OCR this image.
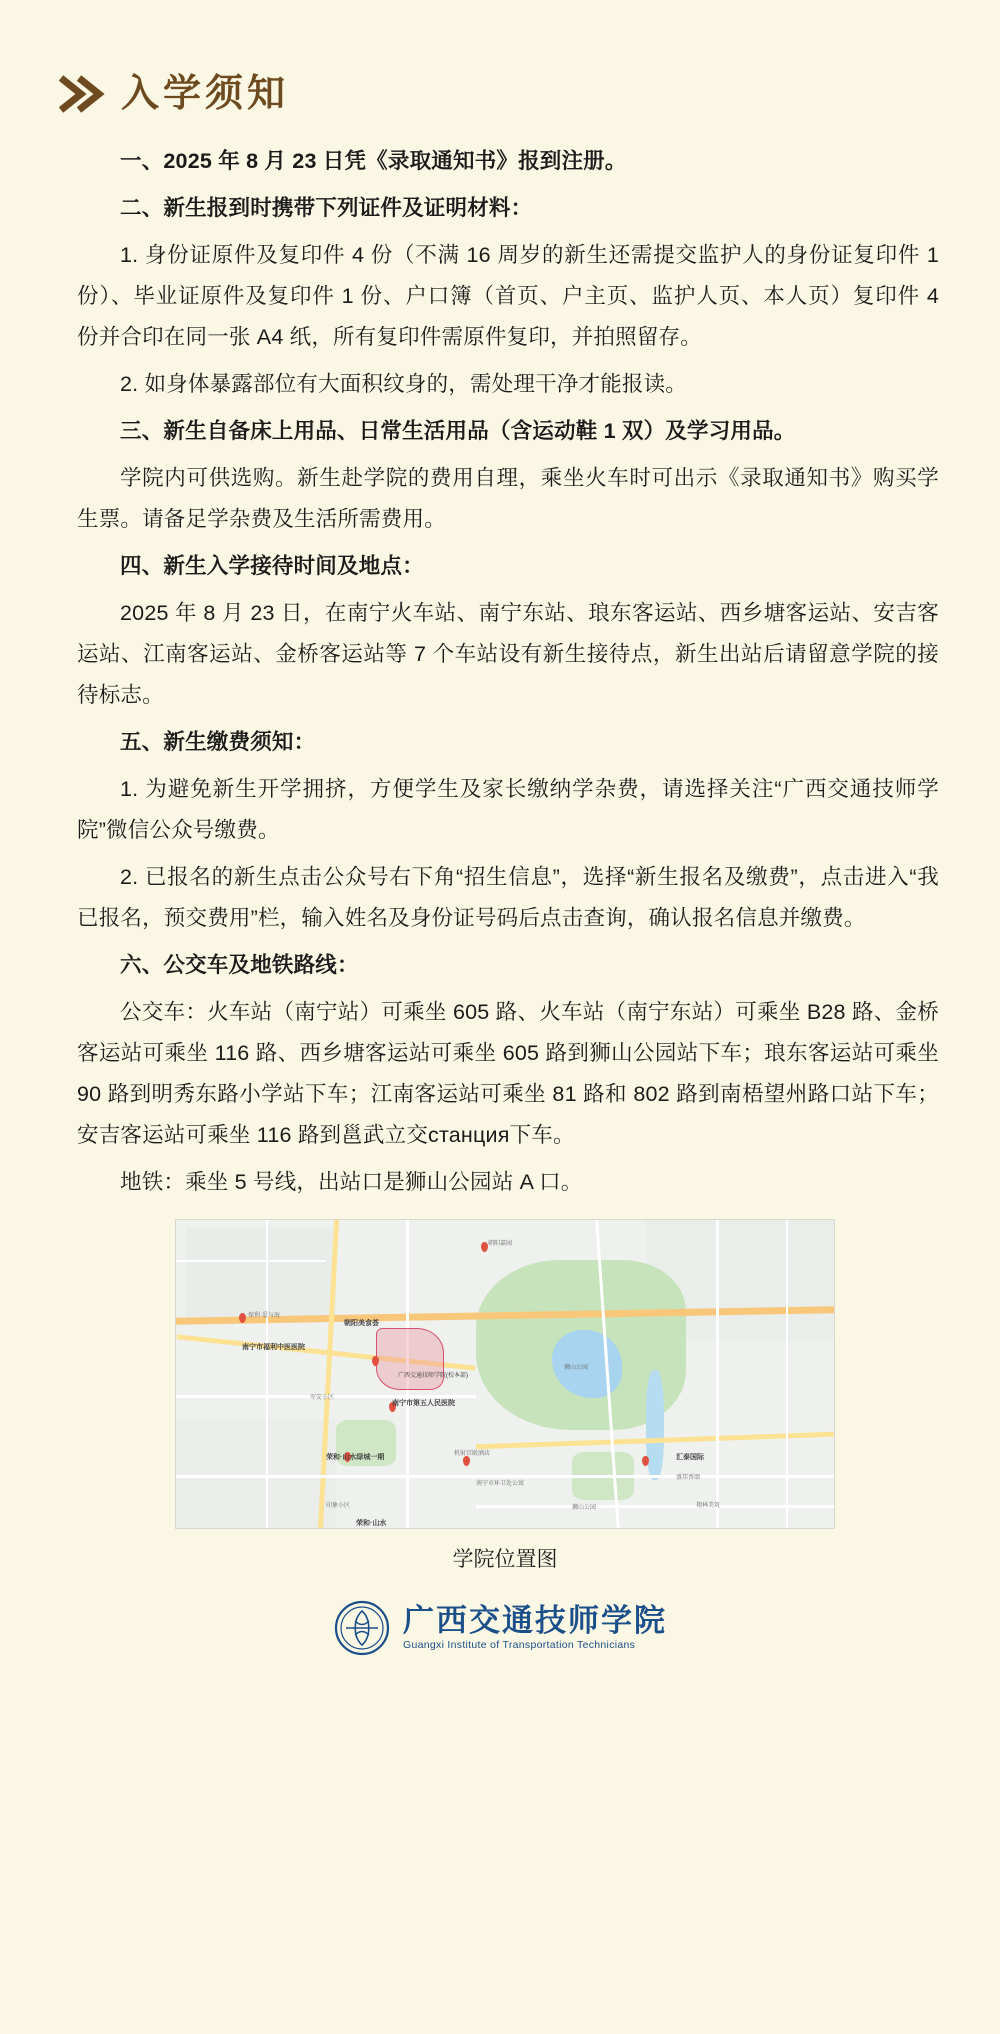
入学须知

一、2025 年 8 月 23 日凭《录取通知书》报到注册。

二、新生报到时携带下列证件及证明材料：

1. 身份证原件及复印件 4 份（不满 16 周岁的新生还需提交监护人的身份证复印件 1 份）、毕业证原件及复印件 1 份、户口簿（首页、户主页、监护人页、本人页）复印件 4 份并合印在同一张 A4 纸，所有复印件需原件复印，并拍照留存。

2. 如身体暴露部位有大面积纹身的，需处理干净才能报读。

三、新生自备床上用品、日常生活用品（含运动鞋 1 双）及学习用品。

学院内可供选购。新生赴学院的费用自理，乘坐火车时可出示《录取通知书》购买学生票。请备足学杂费及生活所需费用。

四、新生入学接待时间及地点：

2025 年 8 月 23 日，在南宁火车站、南宁东站、琅东客运站、西乡塘客运站、安吉客运站、江南客运站、金桥客运站等 7 个车站设有新生接待点，新生出站后请留意学院的接待标志。

五、新生缴费须知：

1. 为避免新生开学拥挤，方便学生及家长缴纳学杂费，请选择关注“广西交通技师学院”微信公众号缴费。

2. 已报名的新生点击公众号右下角“招生信息”，选择“新生报名及缴费”，点击进入“我已报名，预交费用”栏，输入姓名及身份证号码后点击查询，确认报名信息并缴费。

六、公交车及地铁路线：

公交车：火车站（南宁站）可乘坐 605 路、火车站（南宁东站）可乘坐 B28 路、金桥客运站可乘坐 116 路、西乡塘客运站可乘坐 605 路到狮山公园站下车；琅东客运站可乘坐 90 路到明秀东路小学站下车；江南客运站可乘坐 81 路和 802 路到南梧望州路口站下车；安吉客运站可乘坐 116 路到邕武立交станция下车。

地铁：乘坐 5 号线，出站口是狮山公园站 A 口。

朝阳嘉园
保利·爱与海
南宁市福利中医医院
朝阳美食荟
军安小区
南宁市第五人民医院
狮山公园
荣和·山水绿城一期	机射宫殿酒店
南宁市环卫处公寓
汇泰国际
盛邦香颂
翔林美筑
印象小区
荣和·山水
狮山公园
广西交通技师学院(校本部)
学院位置图
广西交通技师学院
Guangxi Institute of Transportation Technicians
